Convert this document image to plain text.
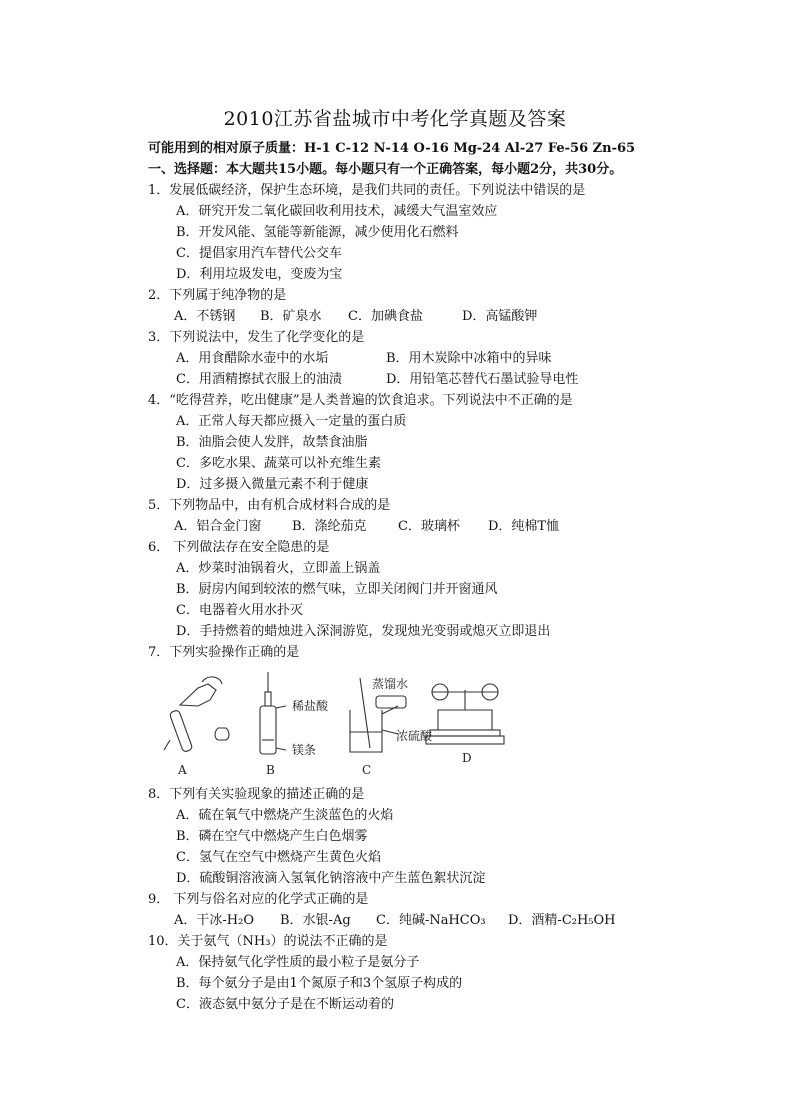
2010江苏省盐城市中考化学真题及答案
可能用到的相对原子质量：H-1 C-12 N-14 O-16 Mg-24 Al-27 Fe-56 Zn-65
一、选择题：本大题共15小题。每小题只有一个正确答案，每小题2分，共30分。
1．发展低碳经济，保护生态环境，是我们共同的责任。下列说法中错误的是
A．研究开发二氧化碳回收利用技术，减缓大气温室效应
B．开发风能、氢能等新能源，减少使用化石燃料
C．提倡家用汽车替代公交车
D．利用垃圾发电，变废为宝
2．下列属于纯净物的是
A．不锈钢 B．矿泉水 C．加碘食盐	D．高锰酸钾
3．下列说法中，发生了化学变化的是
A．用食醋除水壶中的水垢	B．用木炭除中冰箱中的异味
C．用酒精擦拭衣服上的油渍	D．用铅笔芯替代石墨试验导电性
4．“吃得营养，吃出健康”是人类普遍的饮食追求。下列说法中不正确的是
A．正常人每天都应摄入一定量的蛋白质
B．油脂会使人发胖，故禁食油脂
C．多吃水果、蔬菜可以补充维生素
D．过多摄入微量元素不利于健康
5．下列物品中，由有机合成材料合成的是
A．铝合金门窗 B．涤纶茄克 C．玻璃杯 D．纯棉T恤
6． 下列做法存在安全隐患的是
A．炒菜时油锅着火，立即盖上锅盖
B．厨房内闻到较浓的燃气味，立即关闭阀门并开窗通风
C．电器着火用水扑灭
D．手持燃着的蜡烛进入深洞游览，发现烛光变弱或熄灭立即退出
7．下列实验操作正确的是
稀盐酸
镁条
蒸馏水
浓硫酸
A	B	C
D
8．下列有关实验现象的描述正确的是
A．硫在氧气中燃烧产生淡蓝色的火焰
B．磷在空气中燃烧产生白色烟雾
C．氢气在空气中燃烧产生黄色火焰
D．硫酸铜溶液滴入氢氧化钠溶液中产生蓝色絮状沉淀
9． 下列与俗名对应的化学式正确的是
A．干冰-H₂O B．水银-Ag C．纯碱-NaHCO₃ D．酒精-C₂H₅OH
10．关于氨气（NH₃）的说法不正确的是
A．保持氨气化学性质的最小粒子是氨分子
B．每个氨分子是由1个氮原子和3个氢原子构成的
C．液态氨中氨分子是在不断运动着的
